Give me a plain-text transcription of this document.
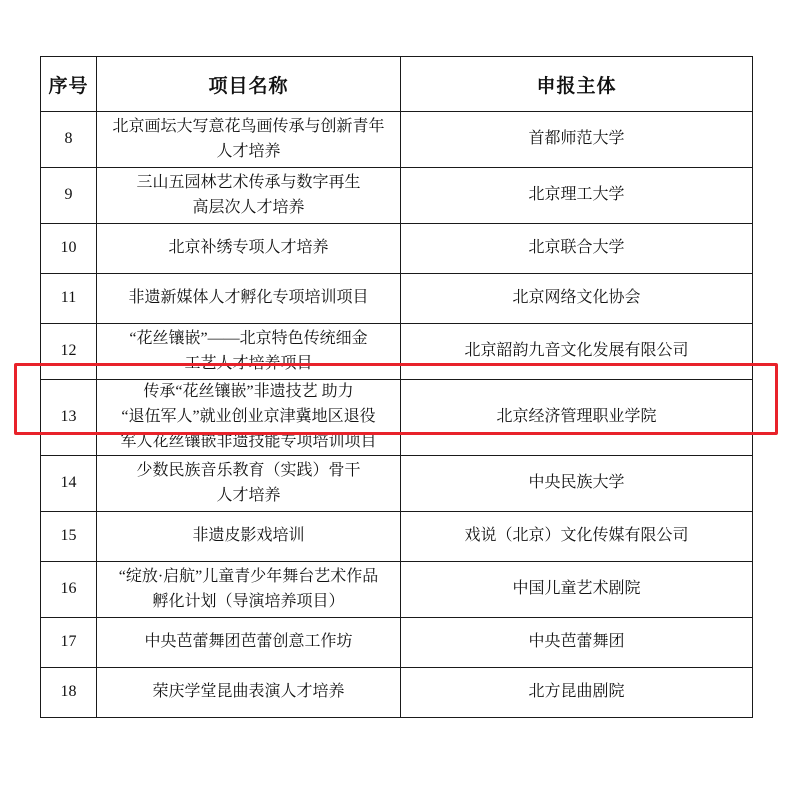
序号	项目名称	申报主体
8	北京画坛大写意花鸟画传承与创新青年
人才培养	首都师范大学

9	三山五园林艺术传承与数字再生
高层次人才培养	北京理工大学

10	北京补绣专项人才培养	北京联合大学

11	非遗新媒体人才孵化专项培训项目	北京网络文化协会

12	“花丝镶嵌”——北京特色传统细金
工艺人才培养项目	北京韶韵九音文化发展有限公司

13	传承“花丝镶嵌”非遗技艺 助力
“退伍军人”就业创业京津冀地区退役
军人花丝镶嵌非遗技能专项培训项目	北京经济管理职业学院

14	少数民族音乐教育（实践）骨干
人才培养	中央民族大学

15	非遗皮影戏培训	戏说（北京）文化传媒有限公司

16	“绽放·启航”儿童青少年舞台艺术作品
孵化计划（导演培养项目）	中国儿童艺术剧院

17	中央芭蕾舞团芭蕾创意工作坊	中央芭蕾舞团

18	荣庆学堂昆曲表演人才培养	北方昆曲剧院
